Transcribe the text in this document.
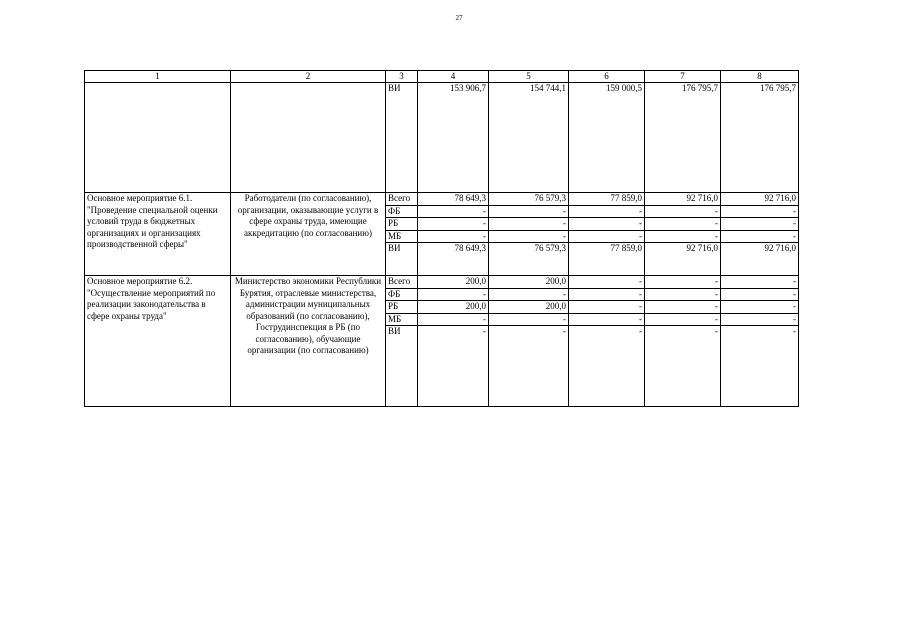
27
1	2	3	4	5	6	7	8
		ВИ	153 906,7	154 744,1	159 000,5	176 795,7	176 795,7
Основное мероприятие 6.1. "Проведение специальной оценки условий труда в бюджетных организациях и организациях производственной сферы"	Работодатели (по согласованию), организации, оказывающие услуги в сфере охраны труда, имеющие аккредитацию (по согласованию)	Всего	78 649,3	76 579,3	77 859,0	92 716,0	92 716,0
		ФБ	-	-	-	-	-
		РБ	-	-	-	-	-
		МБ	-	-	-	-	-
		ВИ	78 649,3	76 579,3	77 859,0	92 716,0	92 716,0
Основное мероприятие 6.2. "Осуществление мероприятий по реализации законодательства в сфере охраны труда"	Министерство экономики Республики Бурятия, отраслевые министерства, администрации муниципальных образований (по согласованию), Гострудинспекция в РБ (по согласованию), обучающие организации (по согласованию)	Всего	200,0	200,0	-	-	-
		ФБ	-	-	-	-	-
		РБ	200,0	200,0	-	-	-
		МБ	-	-	-	-	-
		ВИ	-	-	-	-	-
